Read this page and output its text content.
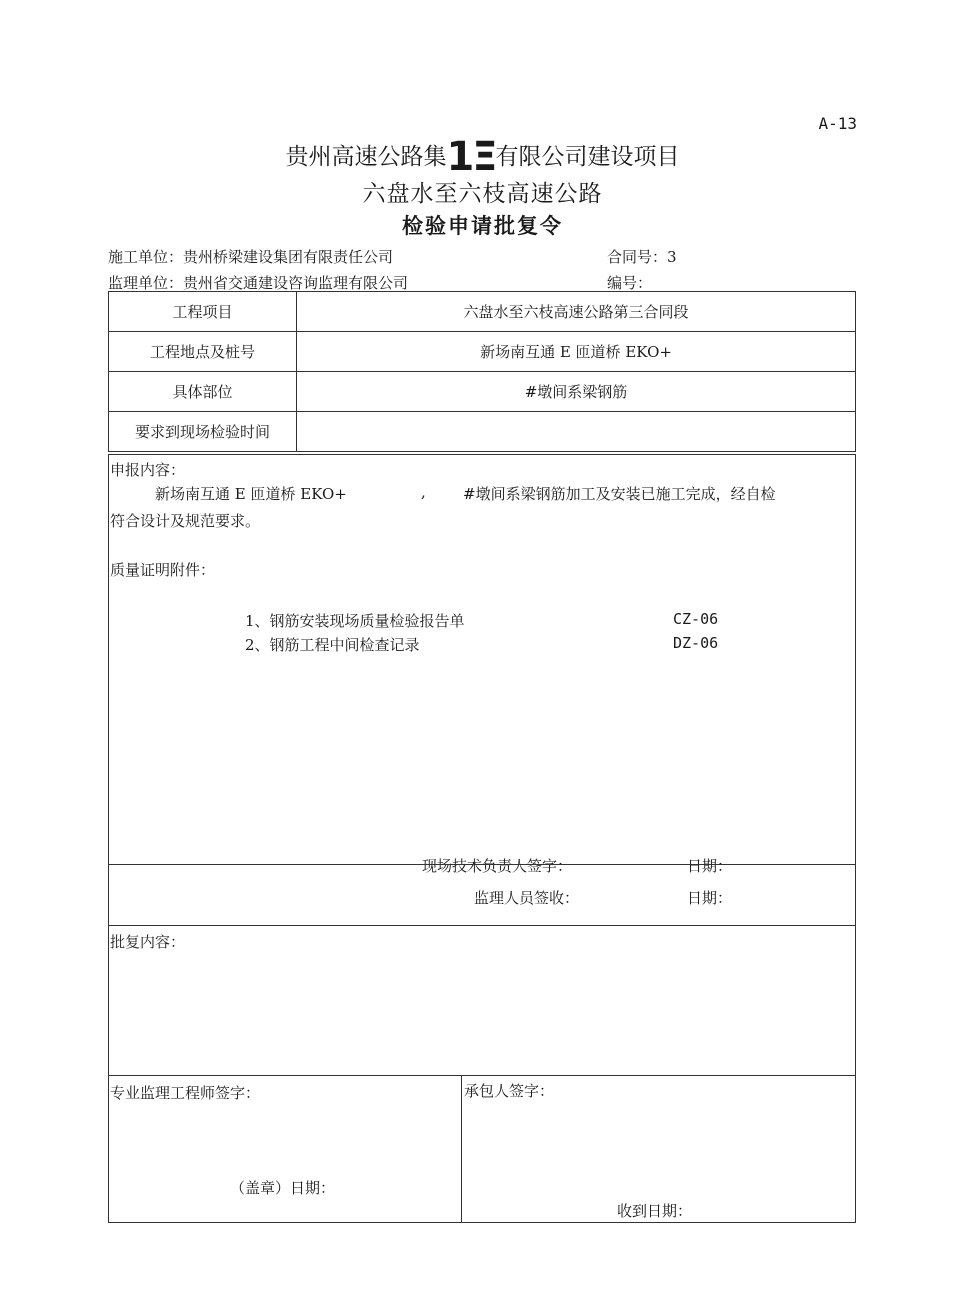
A-13
贵州高速公路集1Ξ有限公司建设项目
六盘水至六枝高速公路
检验申请批复令
施工单位：贵州桥梁建设集团有限责任公司	合同号：3
监理单位：贵州省交通建设咨询监理有限公司	编号：
工程项目	六盘水至六枝高速公路第三合同段
工程地点及桩号	新场南互通 E 匝道桥 EKO+
具体部位	#墩间系梁钢筋
要求到现场检验时间	
申报内容：
新场南互通 E 匝道桥 EKO+	, #墩间系梁钢筋加工及安装已施工完成，经自检
符合设计及规范要求。
质量证明附件：
1、钢筋安装现场质量检验报告单	CZ-06
2、钢筋工程中间检查记录	DZ-06
现场技术负责人签字：	日期：
监理人员签收：	日期：
批复内容：
专业监理工程师签字：
（盖章）日期：
承包人签字：
收到日期：
